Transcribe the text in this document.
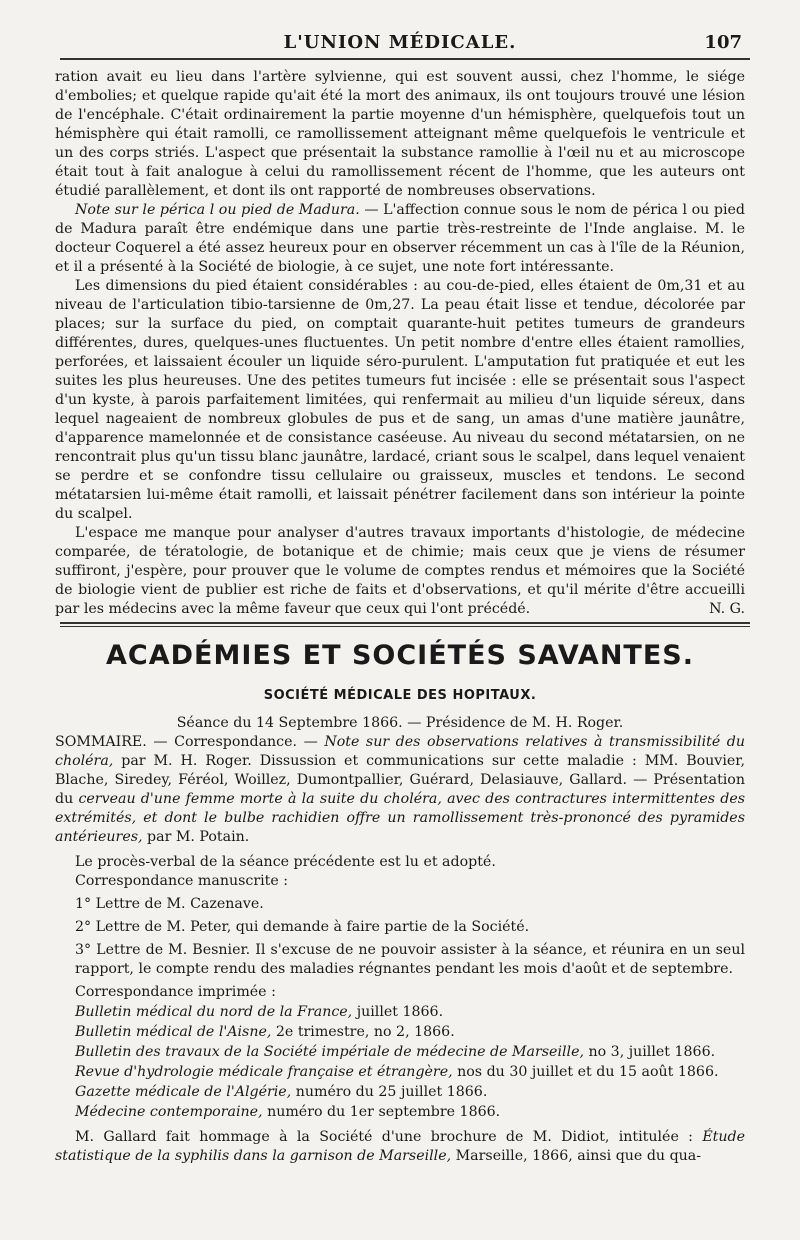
L'UNION MÉDICALE.	107

ration avait eu lieu dans l'artère sylvienne, qui est souvent aussi, chez l'homme, le siége d'embolies; et quelque rapide qu'ait été la mort des animaux, ils ont toujours trouvé une lésion de l'encéphale. C'était ordinairement la partie moyenne d'un hémisphère, quelquefois tout un hémisphère qui était ramolli, ce ramollissement atteignant même quelquefois le ventricule et un des corps striés. L'aspect que présentait la substance ramollie à l'œil nu et au microscope était tout à fait analogue à celui du ramollissement récent de l'homme, que les auteurs ont étudié parallèlement, et dont ils ont rapporté de nombreuses observations.

Note sur le périca l ou pied de Madura. — L'affection connue sous le nom de périca l ou pied de Madura paraît être endémique dans une partie très-restreinte de l'Inde anglaise. M. le docteur Coquerel a été assez heureux pour en observer récemment un cas à l'île de la Réunion, et il a présenté à la Société de biologie, à ce sujet, une note fort intéressante.

Les dimensions du pied étaient considérables : au cou-de-pied, elles étaient de 0m,31 et au niveau de l'articulation tibio-tarsienne de 0m,27. La peau était lisse et tendue, décolorée par places; sur la surface du pied, on comptait quarante-huit petites tumeurs de grandeurs différentes, dures, quelques-unes fluctuentes. Un petit nombre d'entre elles étaient ramollies, perforées, et laissaient écouler un liquide séro-purulent. L'amputation fut pratiquée et eut les suites les plus heureuses. Une des petites tumeurs fut incisée : elle se présentait sous l'aspect d'un kyste, à parois parfaitement limitées, qui renfermait au milieu d'un liquide séreux, dans lequel nageaient de nombreux globules de pus et de sang, un amas d'une matière jaunâtre, d'apparence mamelonnée et de consistance caséeuse. Au niveau du second métatarsien, on ne rencontrait plus qu'un tissu blanc jaunâtre, lardacé, criant sous le scalpel, dans lequel venaient se perdre et se confondre tissu cellulaire ou graisseux, muscles et tendons. Le second métatarsien lui-même était ramolli, et laissait pénétrer facilement dans son intérieur la pointe du scalpel.

L'espace me manque pour analyser d'autres travaux importants d'histologie, de médecine comparée, de tératologie, de botanique et de chimie; mais ceux que je viens de résumer suffiront, j'espère, pour prouver que le volume de comptes rendus et mémoires que la Société de biologie vient de publier est riche de faits et d'observations, et qu'il mérite d'être accueilli par les médecins avec la même faveur que ceux qui l'ont précédé.	N. G.

ACADÉMIES ET SOCIÉTÉS SAVANTES.
SOCIÉTÉ MÉDICALE DES HOPITAUX.

Séance du 14 Septembre 1866. — Présidence de M. H. Roger.

SOMMAIRE. — Correspondance. — Note sur des observations relatives à transmissibilité du choléra, par M. H. Roger. Dissussion et communications sur cette maladie : MM. Bouvier, Blache, Siredey, Féréol, Woillez, Dumontpallier, Guérard, Delasiauve, Gallard. — Présentation du cerveau d'une femme morte à la suite du choléra, avec des contractures intermittentes des extrémités, et dont le bulbe rachidien offre un ramollissement très-prononcé des pyramides antérieures, par M. Potain.

Le procès-verbal de la séance précédente est lu et adopté.

Correspondance manuscrite :

1° Lettre de M. Cazenave.

2° Lettre de M. Peter, qui demande à faire partie de la Société.

3° Lettre de M. Besnier. Il s'excuse de ne pouvoir assister à la séance, et réunira en un seul rapport, le compte rendu des maladies régnantes pendant les mois d'août et de septembre.

Correspondance imprimée :

Bulletin médical du nord de la France, juillet 1866.

Bulletin médical de l'Aisne, 2e trimestre, no 2, 1866.

Bulletin des travaux de la Société impériale de médecine de Marseille, no 3, juillet 1866.

Revue d'hydrologie médicale française et étrangère, nos du 30 juillet et du 15 août 1866.

Gazette médicale de l'Algérie, numéro du 25 juillet 1866.

Médecine contemporaine, numéro du 1er septembre 1866.

M. Gallard fait hommage à la Société d'une brochure de M. Didiot, intitulée : Étude statistique de la syphilis dans la garnison de Marseille, Marseille, 1866, ainsi que du qua-
